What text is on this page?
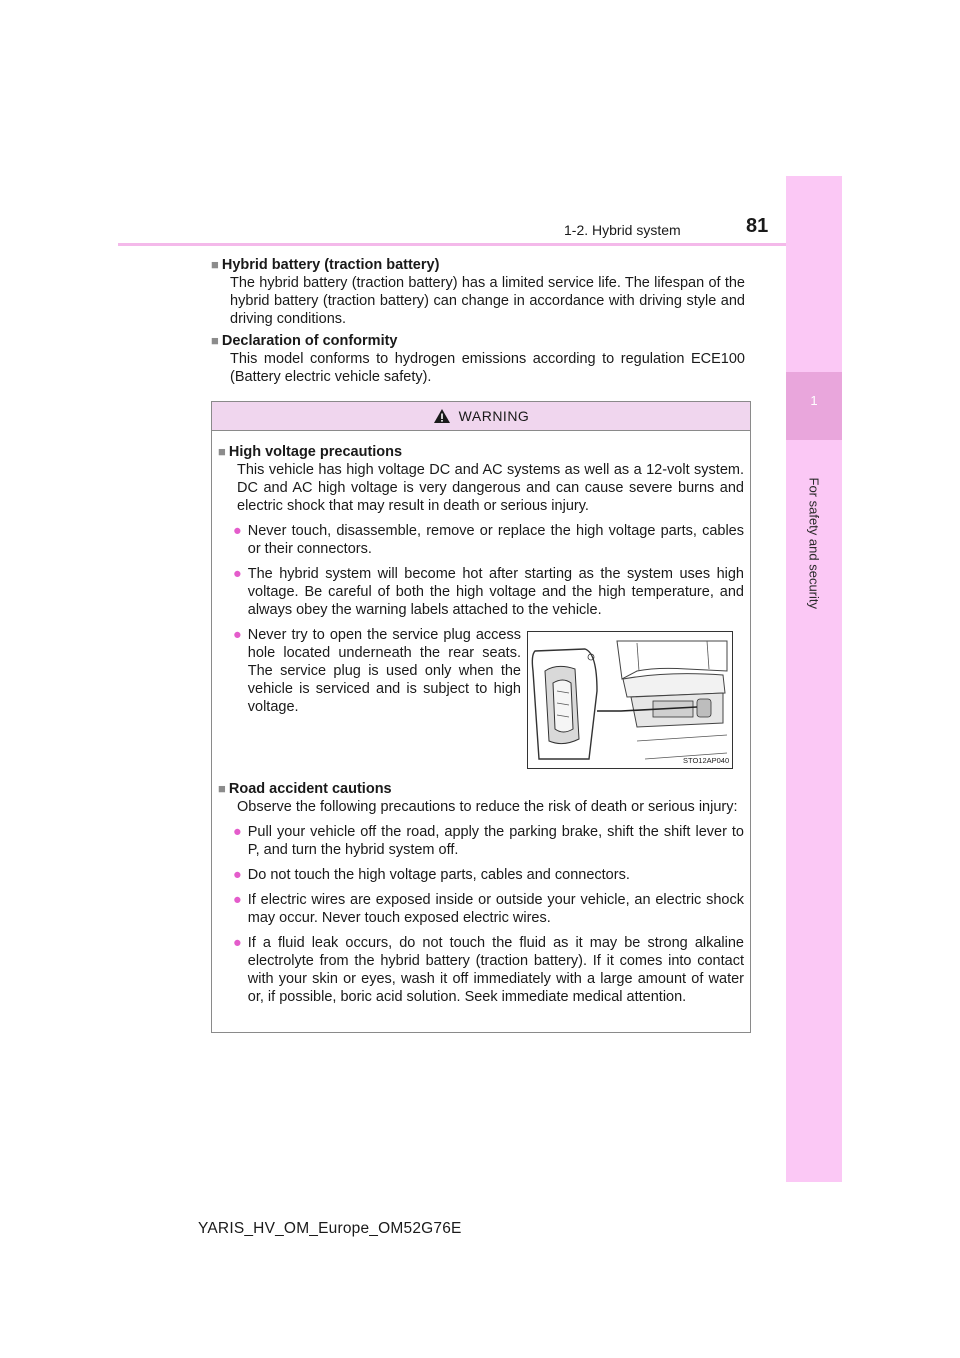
1
For safety and security
1-2. Hybrid system	81

■ Hybrid battery (traction battery)

The hybrid battery (traction battery) has a limited service life. The lifespan of the hybrid battery (traction battery) can change in accordance with driving style and driving conditions.

■ Declaration of conformity

This model conforms to hydrogen emissions according to regulation ECE100 (Battery electric vehicle safety).

WARNING

■ High voltage precautions

This vehicle has high voltage DC and AC systems as well as a 12-volt system. DC and AC high voltage is very dangerous and can cause severe burns and electric shock that may result in death or serious injury.

● Never touch, disassemble, remove or replace the high voltage parts, cables or their connectors.
● The hybrid system will become hot after starting as the system uses high voltage. Be careful of both the high voltage and the high temperature, and always obey the warning labels attached to the vehicle.
● Never try to open the service plug access hole located underneath the rear seats. The service plug is used only when the vehicle is serviced and is subject to high voltage.
STO12AP040

■ Road accident cautions

Observe the following precautions to reduce the risk of death or serious injury:

● Pull your vehicle off the road, apply the parking brake, shift the shift lever to P, and turn the hybrid system off.
● Do not touch the high voltage parts, cables and connectors.
● If electric wires are exposed inside or outside your vehicle, an electric shock may occur. Never touch exposed electric wires.
● If a fluid leak occurs, do not touch the fluid as it may be strong alkaline electrolyte from the hybrid battery (traction battery). If it comes into contact with your skin or eyes, wash it off immediately with a large amount of water or, if possible, boric acid solution. Seek immediate medical attention.
YARIS_HV_OM_Europe_OM52G76E
